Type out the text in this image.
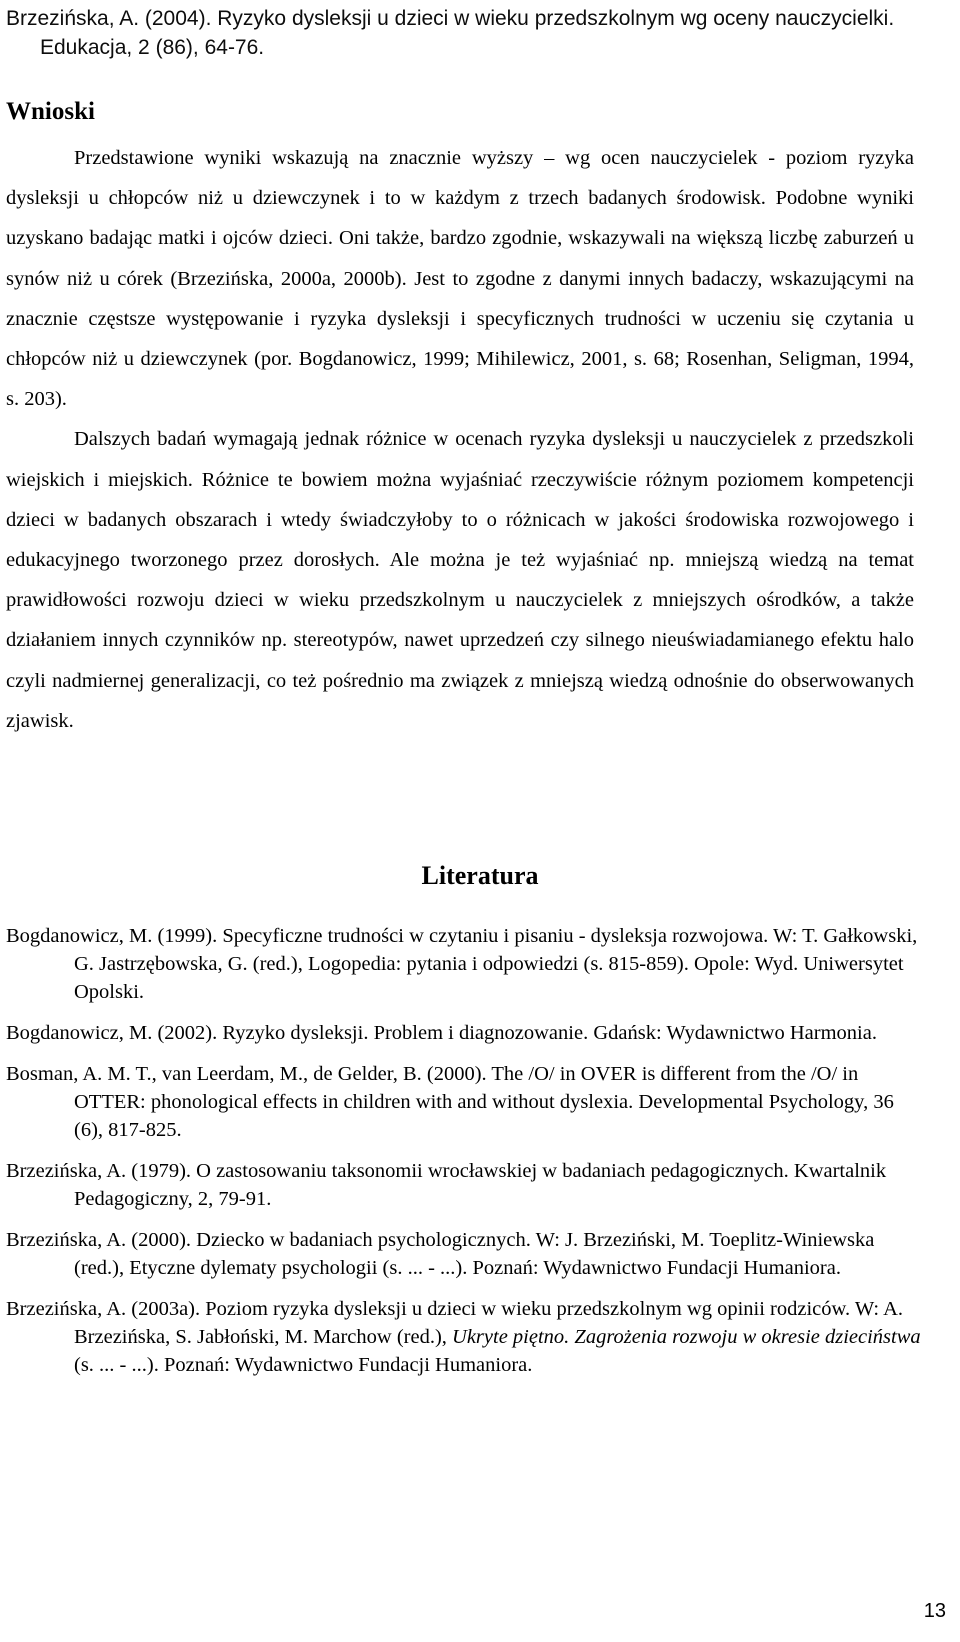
Brzezińska, A. (2004). Ryzyko dysleksji u dzieci w wieku przedszkolnym wg oceny nauczycielki.
Edukacja, 2 (86), 64-76.
Wnioski

Przedstawione wyniki wskazują na znacznie wyższy – wg ocen nauczycielek - poziom ryzyka dysleksji u chłopców niż u dziewczynek i to w każdym z trzech badanych środowisk. Podobne wyniki uzyskano badając matki i ojców dzieci. Oni także, bardzo zgodnie, wskazywali na większą liczbę zaburzeń u synów niż u córek (Brzezińska, 2000a, 2000b). Jest to zgodne z danymi innych badaczy, wskazującymi na znacznie częstsze występowanie i ryzyka dysleksji i specyficznych trudności w uczeniu się czytania u chłopców niż u dziewczynek (por. Bogdanowicz, 1999; Mihilewicz, 2001, s. 68; Rosenhan, Seligman, 1994, s. 203).

Dalszych badań wymagają jednak różnice w ocenach ryzyka dysleksji u nauczycielek z przedszkoli wiejskich i miejskich. Różnice te bowiem można wyjaśniać rzeczywiście różnym poziomem kompetencji dzieci w badanych obszarach i wtedy świadczyłoby to o różnicach w jakości środowiska rozwojowego i edukacyjnego tworzonego przez dorosłych. Ale można je też wyjaśniać np. mniejszą wiedzą na temat prawidłowości rozwoju dzieci w wieku przedszkolnym u nauczycielek z mniejszych ośrodków, a także działaniem innych czynników np. stereotypów, nawet uprzedzeń czy silnego nieuświadamianego efektu halo czyli nadmiernej generalizacji, co też pośrednio ma związek z mniejszą wiedzą odnośnie do obserwowanych zjawisk.

Literatura

Bogdanowicz, M. (1999). Specyficzne trudności w czytaniu i pisaniu - dysleksja rozwojowa. W: T. Gałkowski, G. Jastrzębowska, G. (red.), Logopedia: pytania i odpowiedzi (s. 815-859). Opole: Wyd. Uniwersytet Opolski.

Bogdanowicz, M. (2002). Ryzyko dysleksji. Problem i diagnozowanie. Gdańsk: Wydawnictwo Harmonia.

Bosman, A. M. T., van Leerdam, M., de Gelder, B. (2000). The /O/ in OVER is different from the /O/ in OTTER: phonological effects in children with and without dyslexia. Developmental Psychology, 36 (6), 817-825.

Brzezińska, A. (1979). O zastosowaniu taksonomii wrocławskiej w badaniach pedagogicznych. Kwartalnik Pedagogiczny, 2, 79-91.

Brzezińska, A. (2000). Dziecko w badaniach psychologicznych. W: J. Brzeziński, M. Toeplitz-Winiewska (red.), Etyczne dylematy psychologii (s. ... - ...). Poznań: Wydawnictwo Fundacji Humaniora.

Brzezińska, A. (2003a). Poziom ryzyka dysleksji u dzieci w wieku przedszkolnym wg opinii rodziców. W: A. Brzezińska, S. Jabłoński, M. Marchow (red.), Ukryte piętno. Zagrożenia rozwoju w okresie dzieciństwa (s. ... - ...). Poznań: Wydawnictwo Fundacji Humaniora.

13
